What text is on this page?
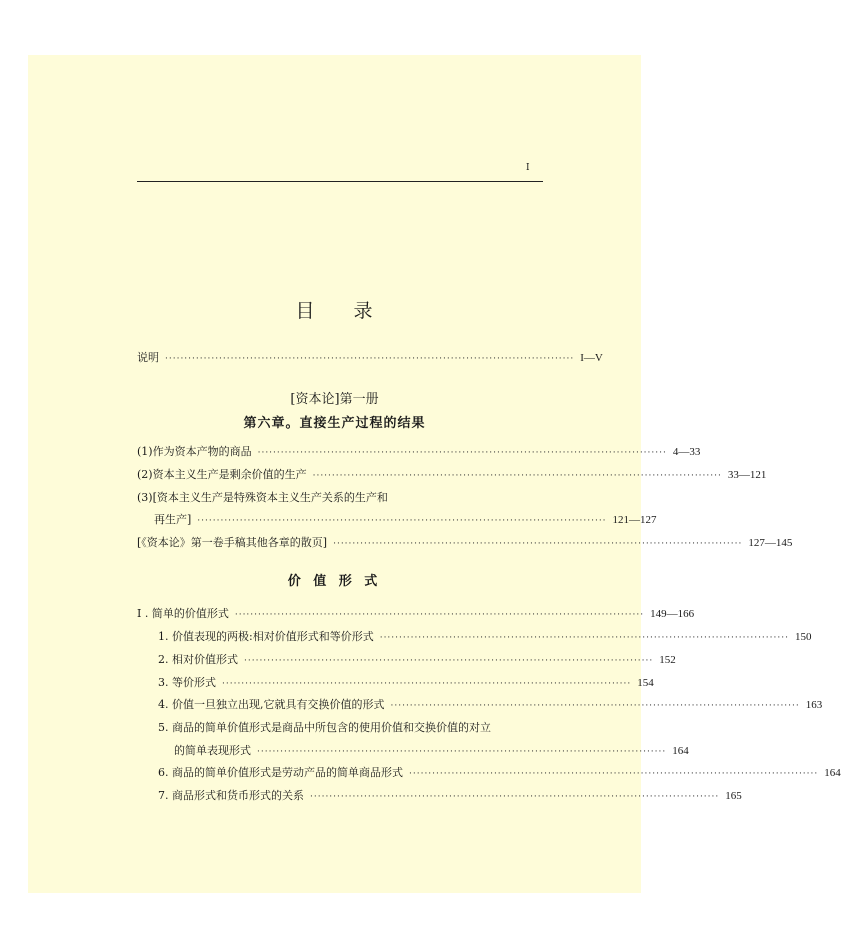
I
目 录
说明 ·········································································································· I—V
[资本论]第一册
第六章。直接生产过程的结果
(1)作为资本产物的商品 ·········································································································· 4—33
(2)资本主义生产是剩余价值的生产 ·········································································································· 33—121
(3)[资本主义生产是特殊资本主义生产关系的生产和
再生产] ·········································································································· 121—127
[《资本论》第一卷手稿其他各章的散页] ·········································································································· 127—145
价 值 形 式
I . 简单的价值形式 ·········································································································· 149—166
1. 价值表现的两极:相对价值形式和等价形式 ·········································································································· 150
2. 相对价值形式 ·········································································································· 152
3. 等价形式 ·········································································································· 154
4. 价值一旦独立出现,它就具有交换价值的形式 ·········································································································· 163
5. 商品的简单价值形式是商品中所包含的使用价值和交换价值的对立
的简单表现形式 ·········································································································· 164
6. 商品的简单价值形式是劳动产品的简单商品形式 ·········································································································· 164
7. 商品形式和货币形式的关系 ·········································································································· 165
